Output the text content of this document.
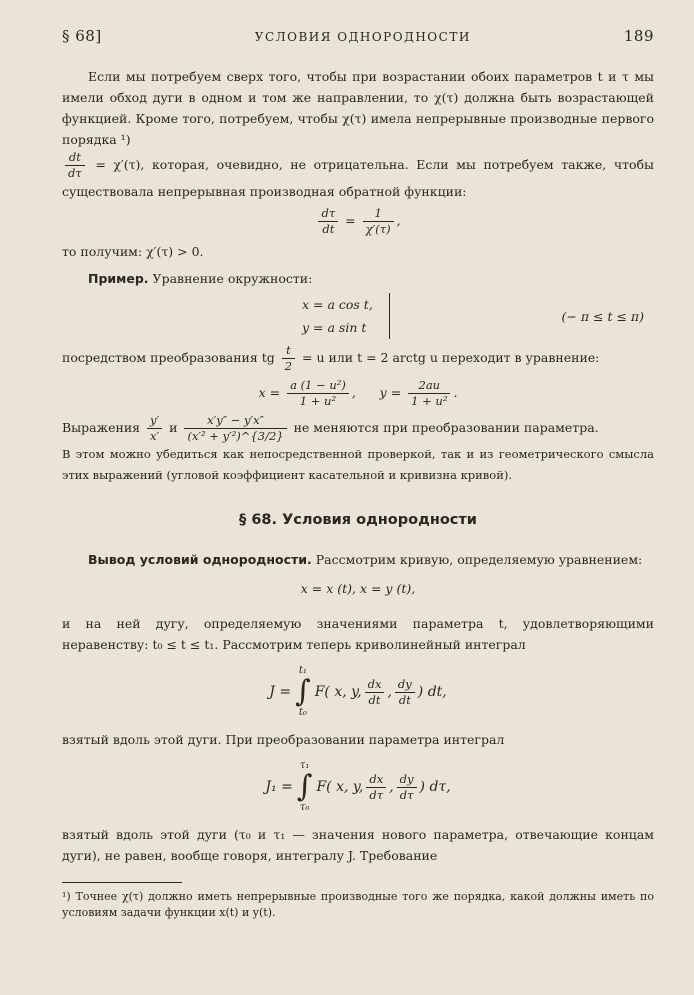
§ 68]	УСЛОВИЯ ОДНОРОДНОСТИ	189

Если мы потребуем сверх того, чтобы при возрастании обоих параметров t и τ мы имели обход дуги в одном и том же направлении, то χ(τ) должна быть возрастающей функцией. Кроме того, потребуем, чтобы χ(τ) имела непрерывные производные первого порядка ¹)

$\frac{dt}{d\tau} = \chi'(\tau)$, которая, очевидно, не отрицательна. Если мы потребуем также, чтобы существовала непрерывная производная обратной функции:

$\frac{d\tau}{dt} = \frac{1}{\chi'(\tau)}$ ,

то получим: χ′(τ) > 0.

Пример. Уравнение окружности:

x = a cos t,
y = a sin t
(− π ≤ t ≤ π)

посредством преобразования tg $\frac{t}{2} = u$ или t = 2 arctg u переходит в уравнение:

$x = \frac{\text{a (1 − u²)}}{\text{1 + u²}}$ , $y = \frac{2au}{\text{1 + u²}}$ .

Выражения $\frac{y'}{x'}$ и $\frac{x'y'' - y'x''}{\text{(x′² + y′²)\textasciicircum{}\{3/2\}}}$ не меняются при преобразовании параметра.

В этом можно убедиться как непосредственной проверкой, так и из геометрического смысла этих выражений (угловой коэффициент касательной и кривизна кривой).

§ 68. Условия однородности

Вывод условий однородности. Рассмотрим кривую, определяемую уравнением:

x = x (t), x = y (t),

и на ней дугу, определяемую значениями параметра t, удовлетворяющими неравенству: t₀ ≤ t ≤ t₁. Рассмотрим теперь криволинейный интеграл

J =
t₁
∫
t₀
F( x, y, dx
dt , dy
dt ) dt,

взятый вдоль этой дуги. При преобразовании параметра интеграл

J₁ =
τ₁
∫
τ₀
F( x, y, dx
dτ , dy
dτ ) dτ,

взятый вдоль этой дуги (τ₀ и τ₁ — значения нового параметра, отвечающие концам дуги), не равен, вообще говоря, интегралу J. Требование

¹) Точнее χ(τ) должно иметь непрерывные производные того же порядка, какой должны иметь по условиям задачи функции x(t) и y(t).
